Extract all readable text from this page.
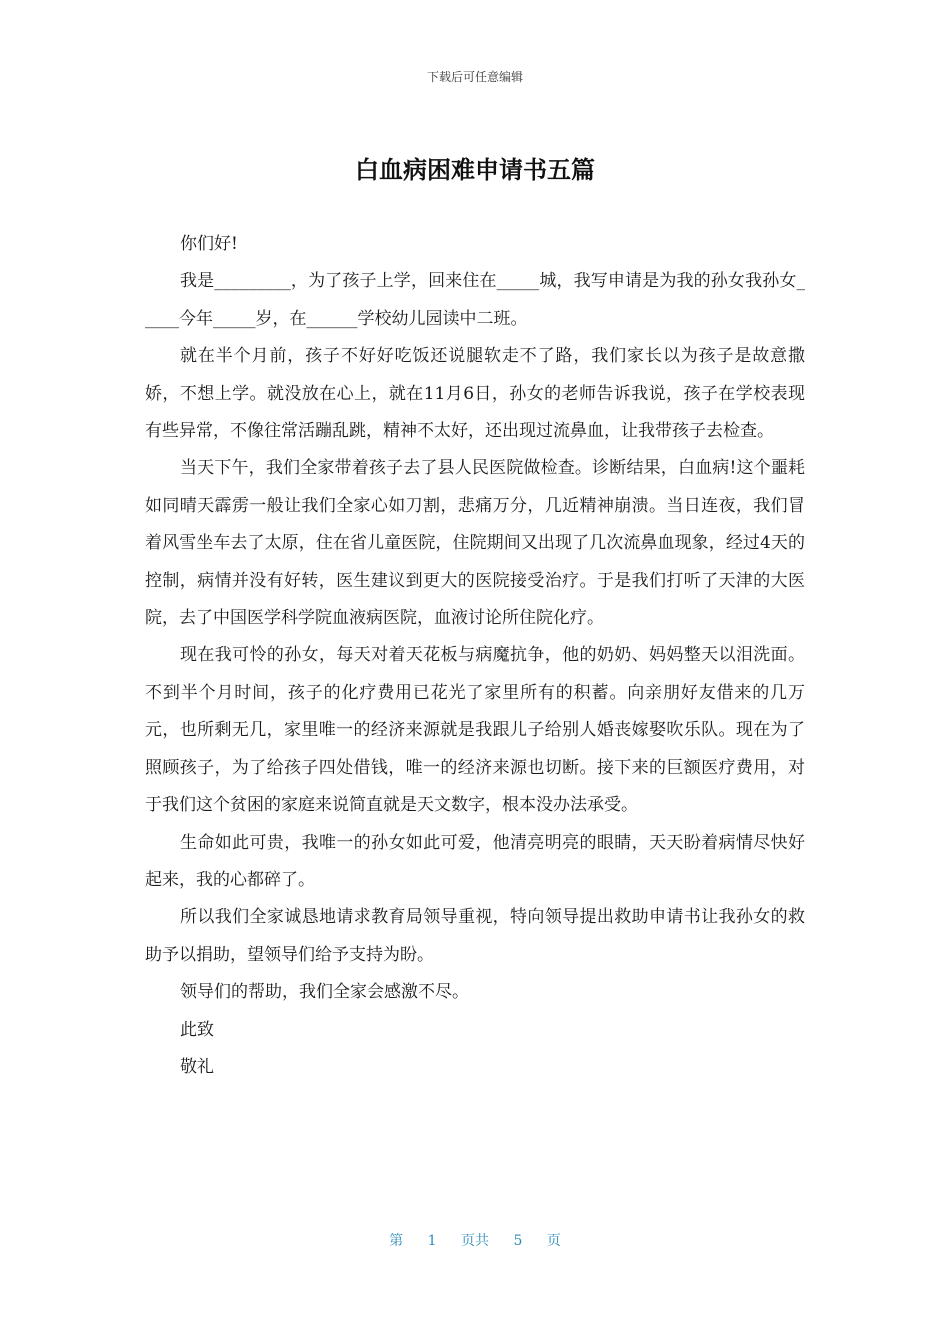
下载后可任意编辑
白血病困难申请书五篇

你们好!

我是_________，为了孩子上学，回来住在_____城，我写申请是为我的孙女我孙女_____今年_____岁，在______学校幼儿园读中二班。

就在半个月前，孩子不好好吃饭还说腿软走不了路，我们家长以为孩子是故意撒娇，不想上学。就没放在心上，就在11月6日，孙女的老师告诉我说，孩子在学校表现有些异常，不像往常活蹦乱跳，精神不太好，还出现过流鼻血，让我带孩子去检查。

当天下午，我们全家带着孩子去了县人民医院做检查。诊断结果，白血病!这个噩耗如同晴天霹雳一般让我们全家心如刀割，悲痛万分，几近精神崩溃。当日连夜，我们冒着风雪坐车去了太原，住在省儿童医院，住院期间又出现了几次流鼻血现象，经过4天的控制，病情并没有好转，医生建议到更大的医院接受治疗。于是我们打听了天津的大医院，去了中国医学科学院血液病医院，血液讨论所住院化疗。

现在我可怜的孙女，每天对着天花板与病魔抗争，他的奶奶、妈妈整天以泪洗面。不到半个月时间，孩子的化疗费用已花光了家里所有的积蓄。向亲朋好友借来的几万元，也所剩无几，家里唯一的经济来源就是我跟儿子给别人婚丧嫁娶吹乐队。现在为了照顾孩子，为了给孩子四处借钱，唯一的经济来源也切断。接下来的巨额医疗费用，对于我们这个贫困的家庭来说简直就是天文数字，根本没办法承受。

生命如此可贵，我唯一的孙女如此可爱，他清亮明亮的眼睛，天天盼着病情尽快好起来，我的心都碎了。

所以我们全家诚恳地请求教育局领导重视，特向领导提出救助申请书让我孙女的救助予以捐助，望领导们给予支持为盼。

领导们的帮助，我们全家会感激不尽。

此致

敬礼

第 1 页共 5 页
